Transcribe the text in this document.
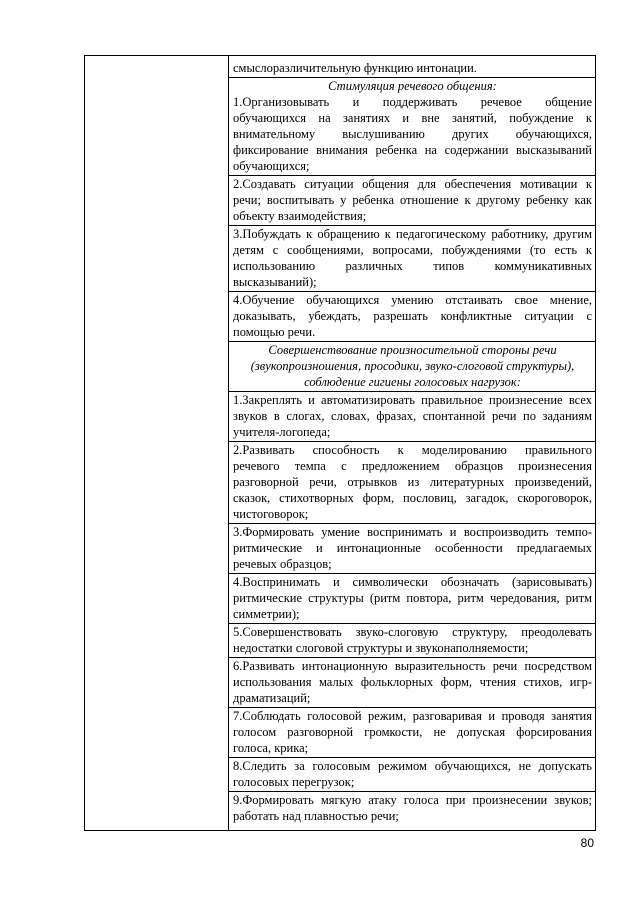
смыслоразличительную функцию интонации.
Стимуляция речевого общения:
1.Организовывать и поддерживать речевое общение
обучающихся на занятиях и вне занятий, побуждение к
внимательному выслушиванию других обучающихся,
фиксирование внимания ребенка на содержании высказываний
обучающихся;
2.Создавать ситуации общения для обеспечения мотивации к
речи; воспитывать у ребенка отношение к другому ребенку как
объекту взаимодействия;
3.Побуждать к обращению к педагогическому работнику, другим
детям с сообщениями, вопросами, побуждениями (то есть к
использованию различных типов коммуникативных
высказываний);
4.Обучение обучающихся умению отстаивать свое мнение,
доказывать, убеждать, разрешать конфликтные ситуации с
помощью речи.
Совершенствование произносительной стороны речи
(звукопроизношения, просодики, звуко-слоговой структуры),
соблюдение гигиены голосовых нагрузок:
1.Закреплять и автоматизировать правильное произнесение всех
звуков в слогах, словах, фразах, спонтанной речи по заданиям
учителя-логопеда;
2.Развивать способность к моделированию правильного
речевого темпа с предложением образцов произнесения
разговорной речи, отрывков из литературных произведений,
сказок, стихотворных форм, пословиц, загадок, скороговорок,
чистоговорок;
3.Формировать умение воспринимать и воспроизводить темпо-
ритмические и интонационные особенности предлагаемых
речевых образцов;
4.Воспринимать и символически обозначать (зарисовывать)
ритмические структуры (ритм повтора, ритм чередования, ритм
симметрии);
5.Совершенствовать звуко-слоговую структуру, преодолевать
недостатки слоговой структуры и звуконаполняемости;
6.Развивать интонационную выразительность речи посредством
использования малых фольклорных форм, чтения стихов, игр-
драматизаций;
7.Соблюдать голосовой режим, разговаривая и проводя занятия
голосом разговорной громкости, не допуская форсирования
голоса, крика;
8.Следить за голосовым режимом обучающихся, не допускать
голосовых перегрузок;
9.Формировать мягкую атаку голоса при произнесении звуков;
работать над плавностью речи;
80
